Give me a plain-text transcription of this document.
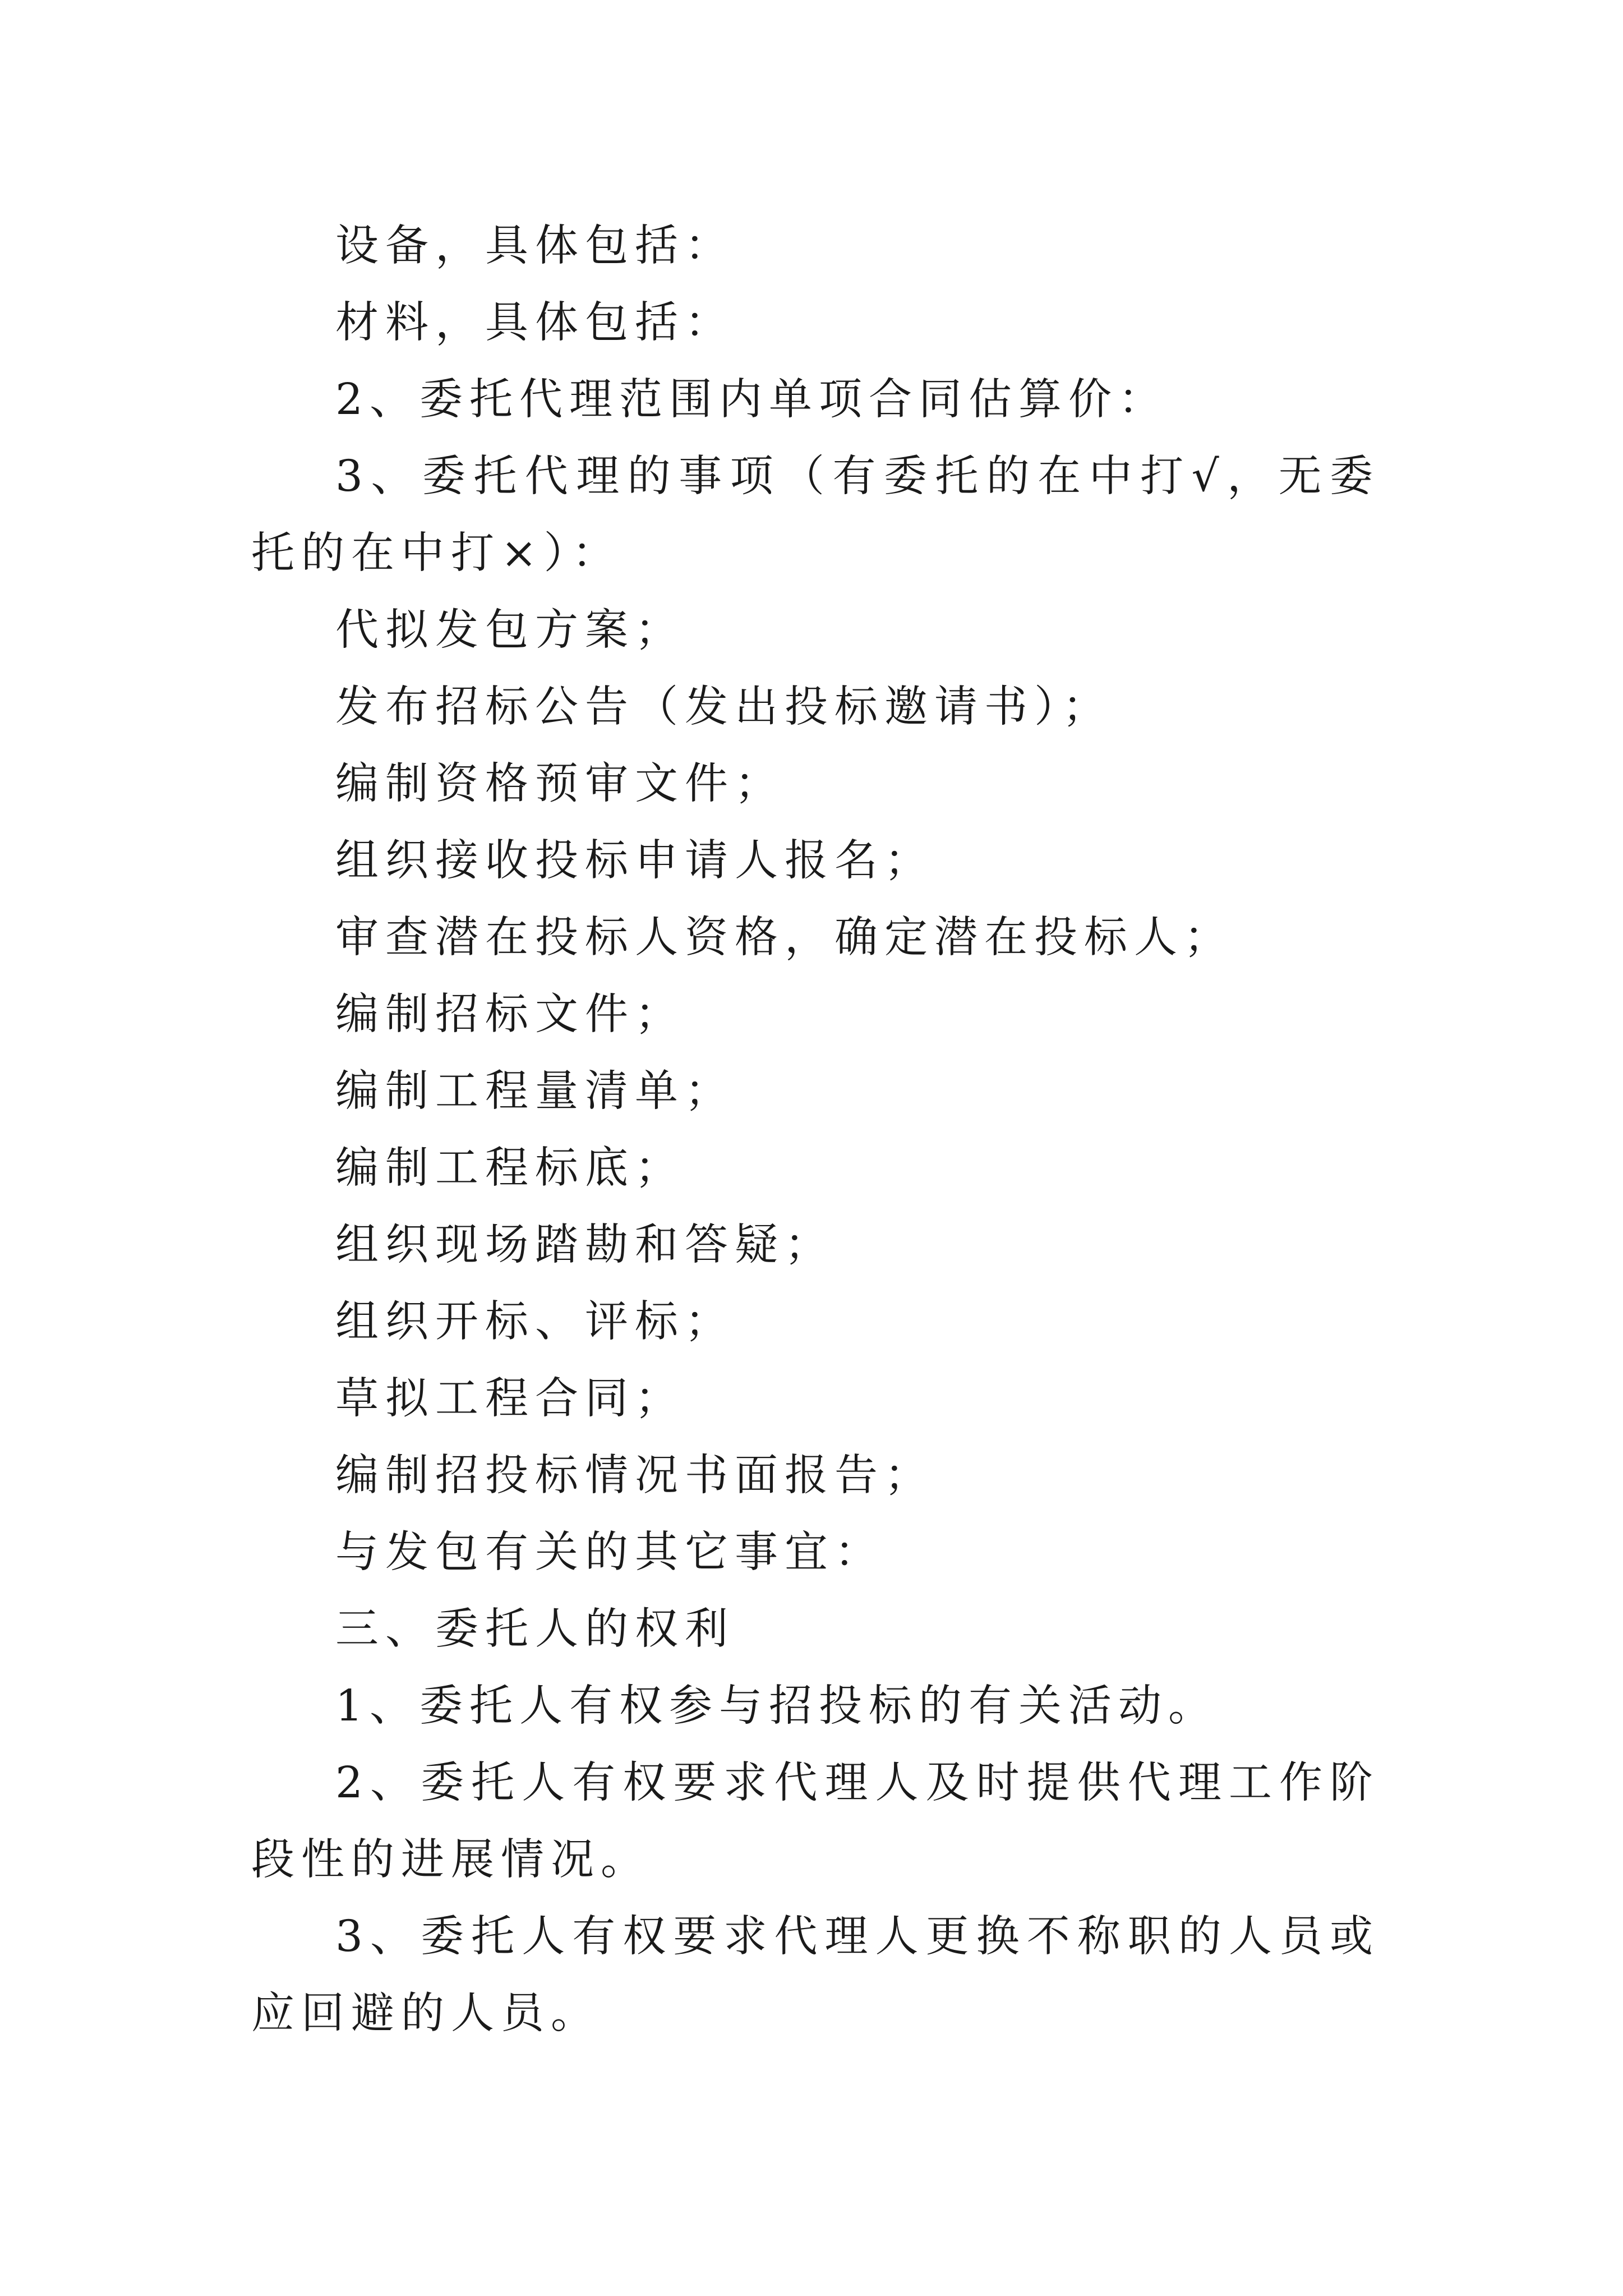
设备，具体包括：

材料，具体包括：

2、委托代理范围内单项合同估算价：

3、委托代理的事项（有委托的在中打√，无委托的在中打×）：

代拟发包方案；

发布招标公告（发出投标邀请书）；

编制资格预审文件；

组织接收投标申请人报名；

审查潜在投标人资格，确定潜在投标人；

编制招标文件；

编制工程量清单；

编制工程标底；

组织现场踏勘和答疑；

组织开标、评标；

草拟工程合同；

编制招投标情况书面报告；

与发包有关的其它事宜：

三、委托人的权利

1、委托人有权参与招投标的有关活动。

2、委托人有权要求代理人及时提供代理工作阶段性的进展情况。

3、委托人有权要求代理人更换不称职的人员或应回避的人员。
